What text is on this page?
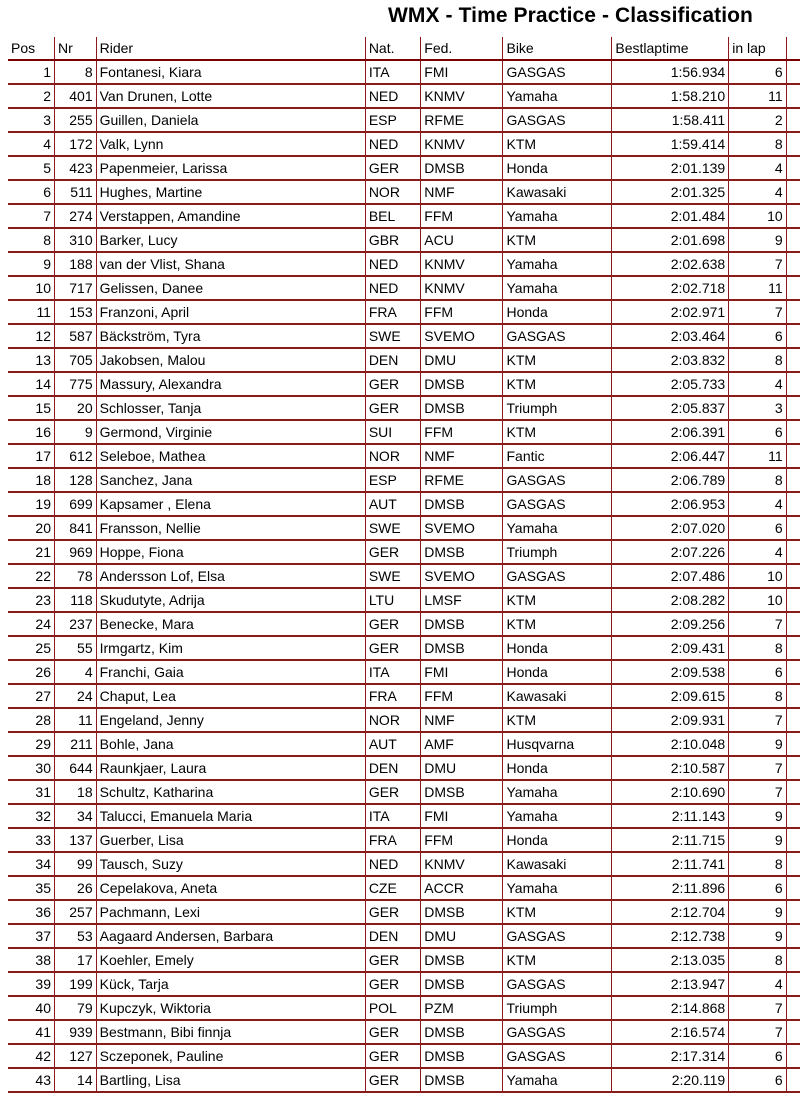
WMX - Time Practice - Classification
Pos	Nr	Rider	Nat.	Fed.	Bike	Bestlaptime	in lap	
1	8	Fontanesi, Kiara	ITA	FMI	GASGAS	1:56.934	6	
2	401	Van Drunen, Lotte	NED	KNMV	Yamaha	1:58.210	11	
3	255	Guillen, Daniela	ESP	RFME	GASGAS	1:58.411	2	
4	172	Valk, Lynn	NED	KNMV	KTM	1:59.414	8	
5	423	Papenmeier, Larissa	GER	DMSB	Honda	2:01.139	4	
6	511	Hughes, Martine	NOR	NMF	Kawasaki	2:01.325	4	
7	274	Verstappen, Amandine	BEL	FFM	Yamaha	2:01.484	10	
8	310	Barker, Lucy	GBR	ACU	KTM	2:01.698	9	
9	188	van der Vlist, Shana	NED	KNMV	Yamaha	2:02.638	7	
10	717	Gelissen, Danee	NED	KNMV	Yamaha	2:02.718	11	
11	153	Franzoni, April	FRA	FFM	Honda	2:02.971	7	
12	587	Bäckström, Tyra	SWE	SVEMO	GASGAS	2:03.464	6	
13	705	Jakobsen, Malou	DEN	DMU	KTM	2:03.832	8	
14	775	Massury, Alexandra	GER	DMSB	KTM	2:05.733	4	
15	20	Schlosser, Tanja	GER	DMSB	Triumph	2:05.837	3	
16	9	Germond, Virginie	SUI	FFM	KTM	2:06.391	6	
17	612	Seleboe, Mathea	NOR	NMF	Fantic	2:06.447	11	
18	128	Sanchez, Jana	ESP	RFME	GASGAS	2:06.789	8	
19	699	Kapsamer , Elena	AUT	DMSB	GASGAS	2:06.953	4	
20	841	Fransson, Nellie	SWE	SVEMO	Yamaha	2:07.020	6	
21	969	Hoppe, Fiona	GER	DMSB	Triumph	2:07.226	4	
22	78	Andersson Lof, Elsa	SWE	SVEMO	GASGAS	2:07.486	10	
23	118	Skudutyte, Adrija	LTU	LMSF	KTM	2:08.282	10	
24	237	Benecke, Mara	GER	DMSB	KTM	2:09.256	7	
25	55	Irmgartz, Kim	GER	DMSB	Honda	2:09.431	8	
26	4	Franchi, Gaia	ITA	FMI	Honda	2:09.538	6	
27	24	Chaput, Lea	FRA	FFM	Kawasaki	2:09.615	8	
28	11	Engeland, Jenny	NOR	NMF	KTM	2:09.931	7	
29	211	Bohle, Jana	AUT	AMF	Husqvarna	2:10.048	9	
30	644	Raunkjaer, Laura	DEN	DMU	Honda	2:10.587	7	
31	18	Schultz, Katharina	GER	DMSB	Yamaha	2:10.690	7	
32	34	Talucci, Emanuela Maria	ITA	FMI	Yamaha	2:11.143	9	
33	137	Guerber, Lisa	FRA	FFM	Honda	2:11.715	9	
34	99	Tausch, Suzy	NED	KNMV	Kawasaki	2:11.741	8	
35	26	Cepelakova, Aneta	CZE	ACCR	Yamaha	2:11.896	6	
36	257	Pachmann, Lexi	GER	DMSB	KTM	2:12.704	9	
37	53	Aagaard Andersen, Barbara	DEN	DMU	GASGAS	2:12.738	9	
38	17	Koehler, Emely	GER	DMSB	KTM	2:13.035	8	
39	199	Kück, Tarja	GER	DMSB	GASGAS	2:13.947	4	
40	79	Kupczyk, Wiktoria	POL	PZM	Triumph	2:14.868	7	
41	939	Bestmann, Bibi finnja	GER	DMSB	GASGAS	2:16.574	7	
42	127	Sczeponek, Pauline	GER	DMSB	GASGAS	2:17.314	6	
43	14	Bartling, Lisa	GER	DMSB	Yamaha	2:20.119	6	
